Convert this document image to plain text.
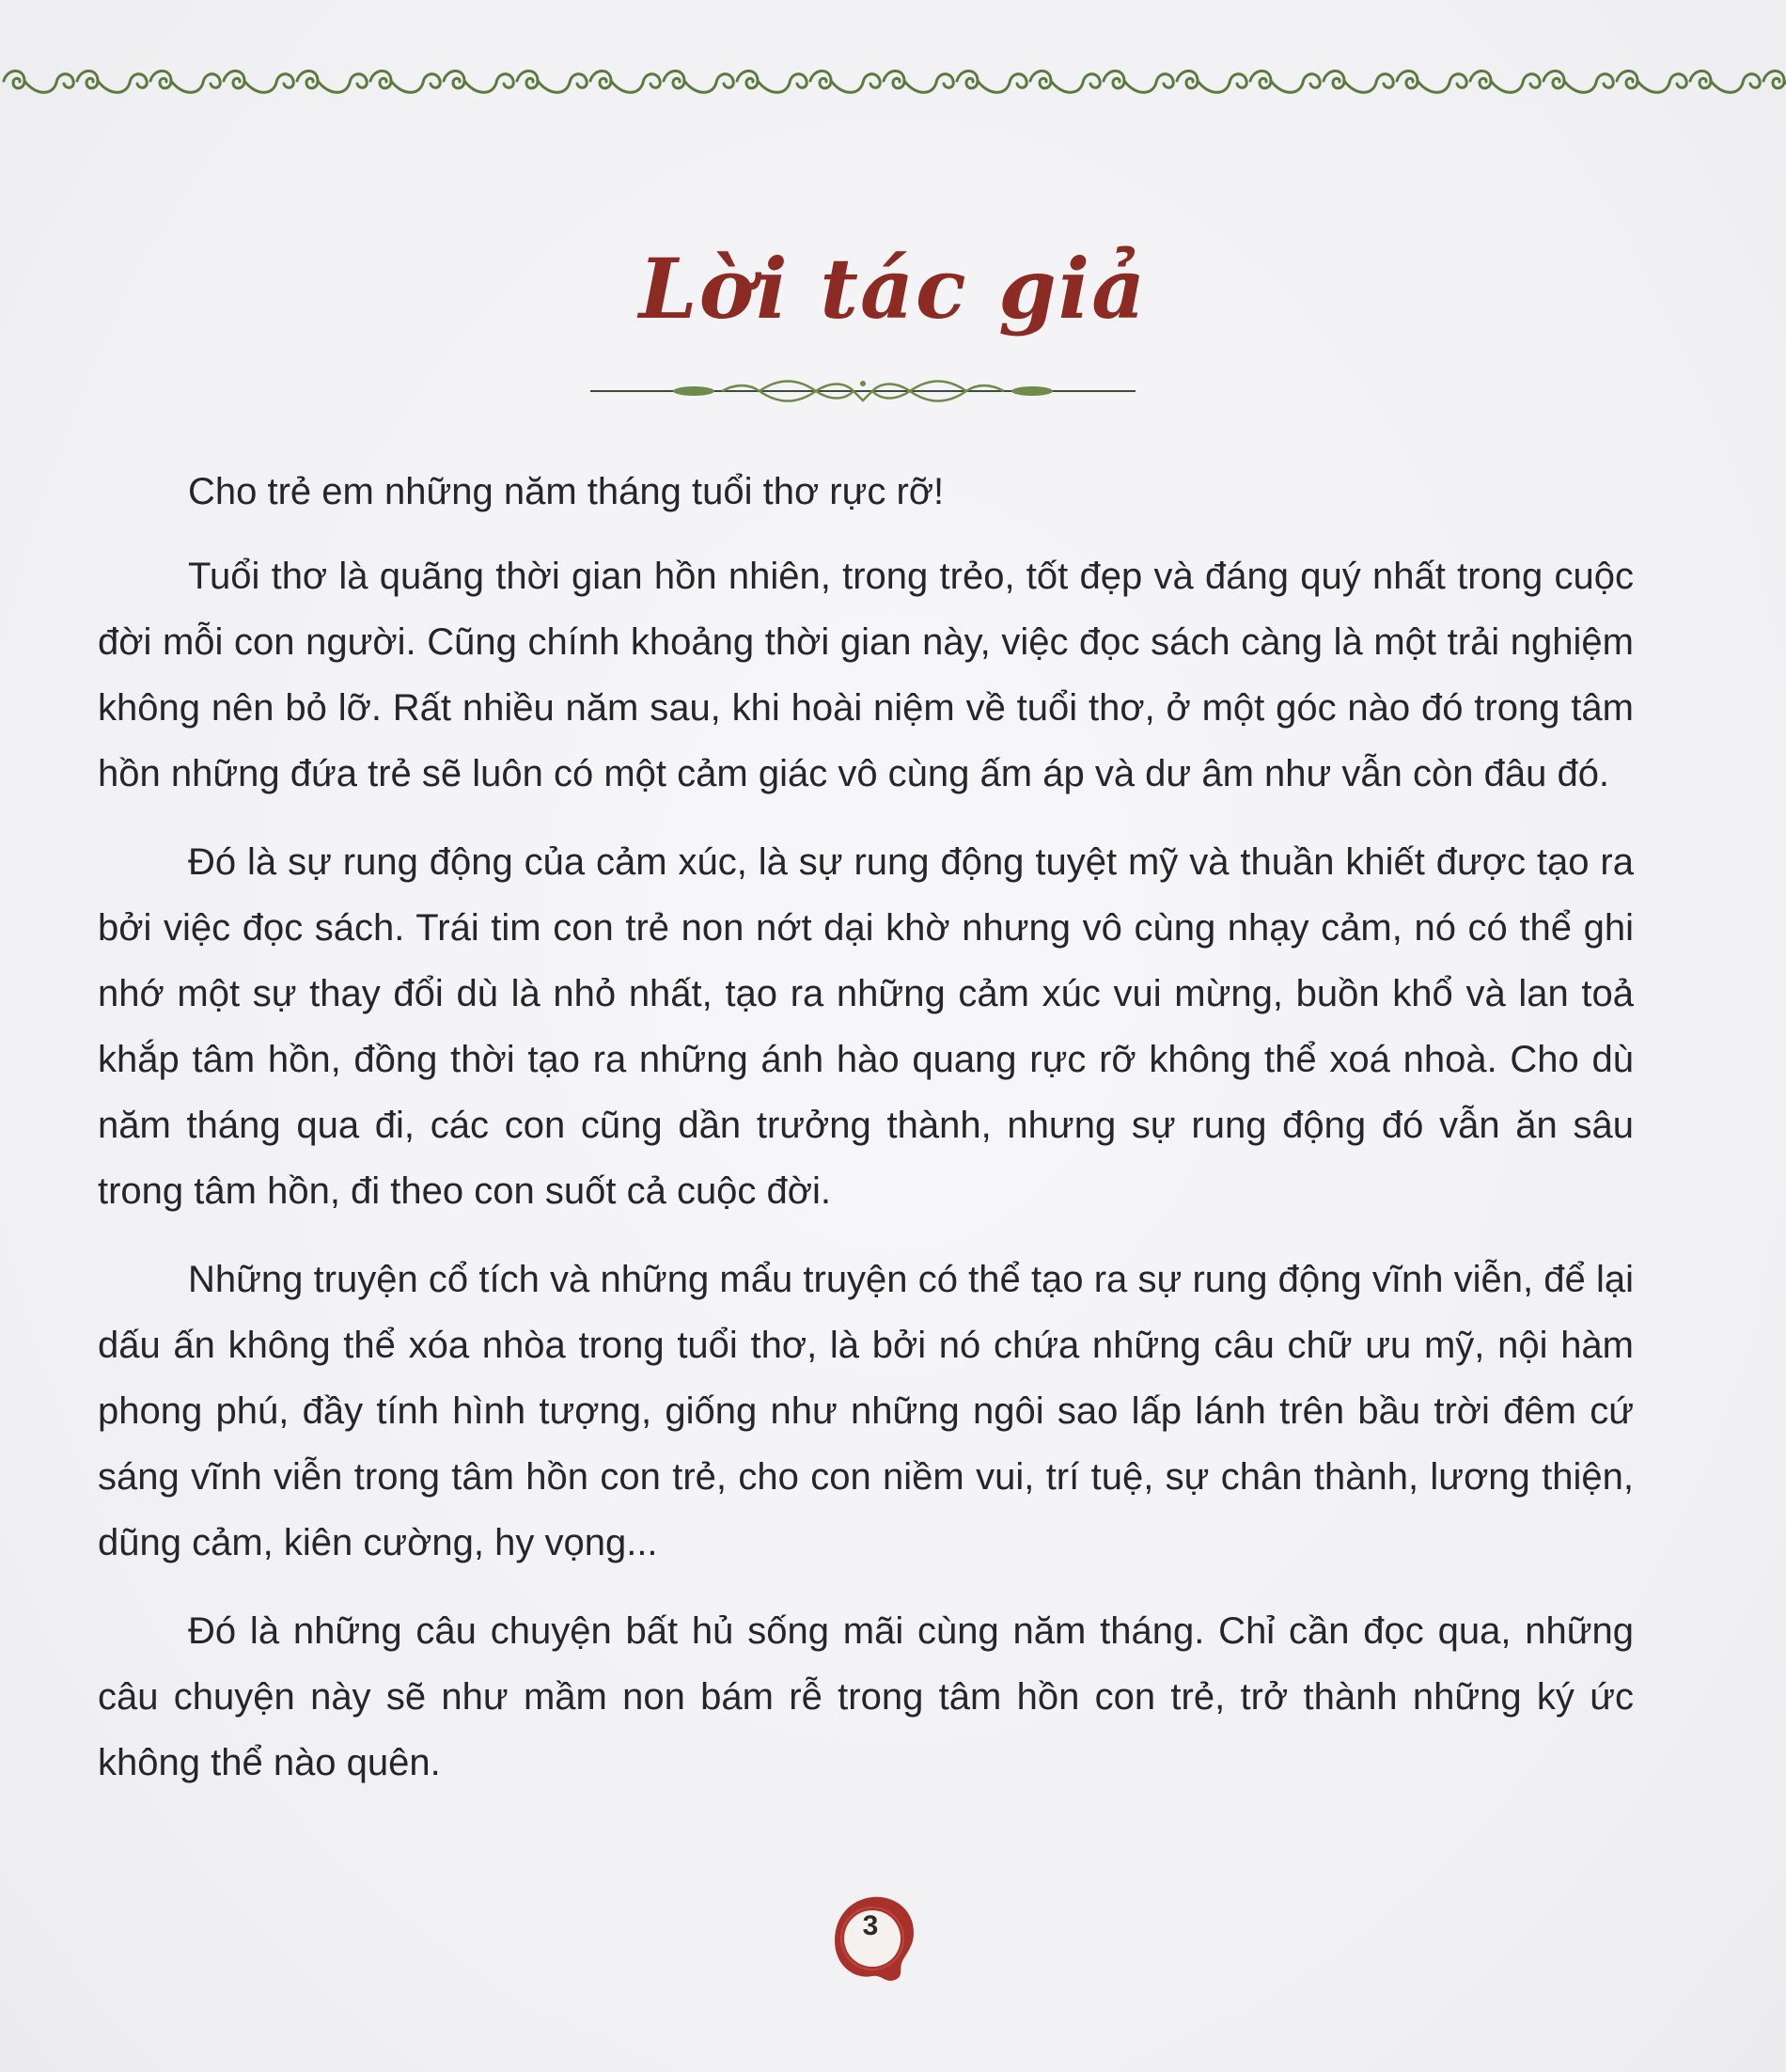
Lời tác giả

Cho trẻ em những năm tháng tuổi thơ rực rỡ!

Tuổi thơ là quãng thời gian hồn nhiên, trong trẻo, tốt đẹp và đáng quý nhất trong cuộc đời mỗi con người. Cũng chính khoảng thời gian này, việc đọc sách càng là một trải nghiệm không nên bỏ lỡ. Rất nhiều năm sau, khi hoài niệm về tuổi thơ, ở một góc nào đó trong tâm hồn những đứa trẻ sẽ luôn có một cảm giác vô cùng ấm áp và dư âm như vẫn còn đâu đó.

Đó là sự rung động của cảm xúc, là sự rung động tuyệt mỹ và thuần khiết được tạo ra bởi việc đọc sách. Trái tim con trẻ non nớt dại khờ nhưng vô cùng nhạy cảm, nó có thể ghi nhớ một sự thay đổi dù là nhỏ nhất, tạo ra những cảm xúc vui mừng, buồn khổ và lan toả khắp tâm hồn, đồng thời tạo ra những ánh hào quang rực rỡ không thể xoá nhoà. Cho dù năm tháng qua đi, các con cũng dần trưởng thành, nhưng sự rung động đó vẫn ăn sâu trong tâm hồn, đi theo con suốt cả cuộc đời.

Những truyện cổ tích và những mẩu truyện có thể tạo ra sự rung động vĩnh viễn, để lại dấu ấn không thể xóa nhòa trong tuổi thơ, là bởi nó chứa những câu chữ ưu mỹ, nội hàm phong phú, đầy tính hình tượng, giống như những ngôi sao lấp lánh trên bầu trời đêm cứ sáng vĩnh viễn trong tâm hồn con trẻ, cho con niềm vui, trí tuệ, sự chân thành, lương thiện, dũng cảm, kiên cường, hy vọng...

Đó là những câu chuyện bất hủ sống mãi cùng năm tháng. Chỉ cần đọc qua, những câu chuyện này sẽ như mầm non bám rễ trong tâm hồn con trẻ, trở thành những ký ức không thể nào quên.

3
